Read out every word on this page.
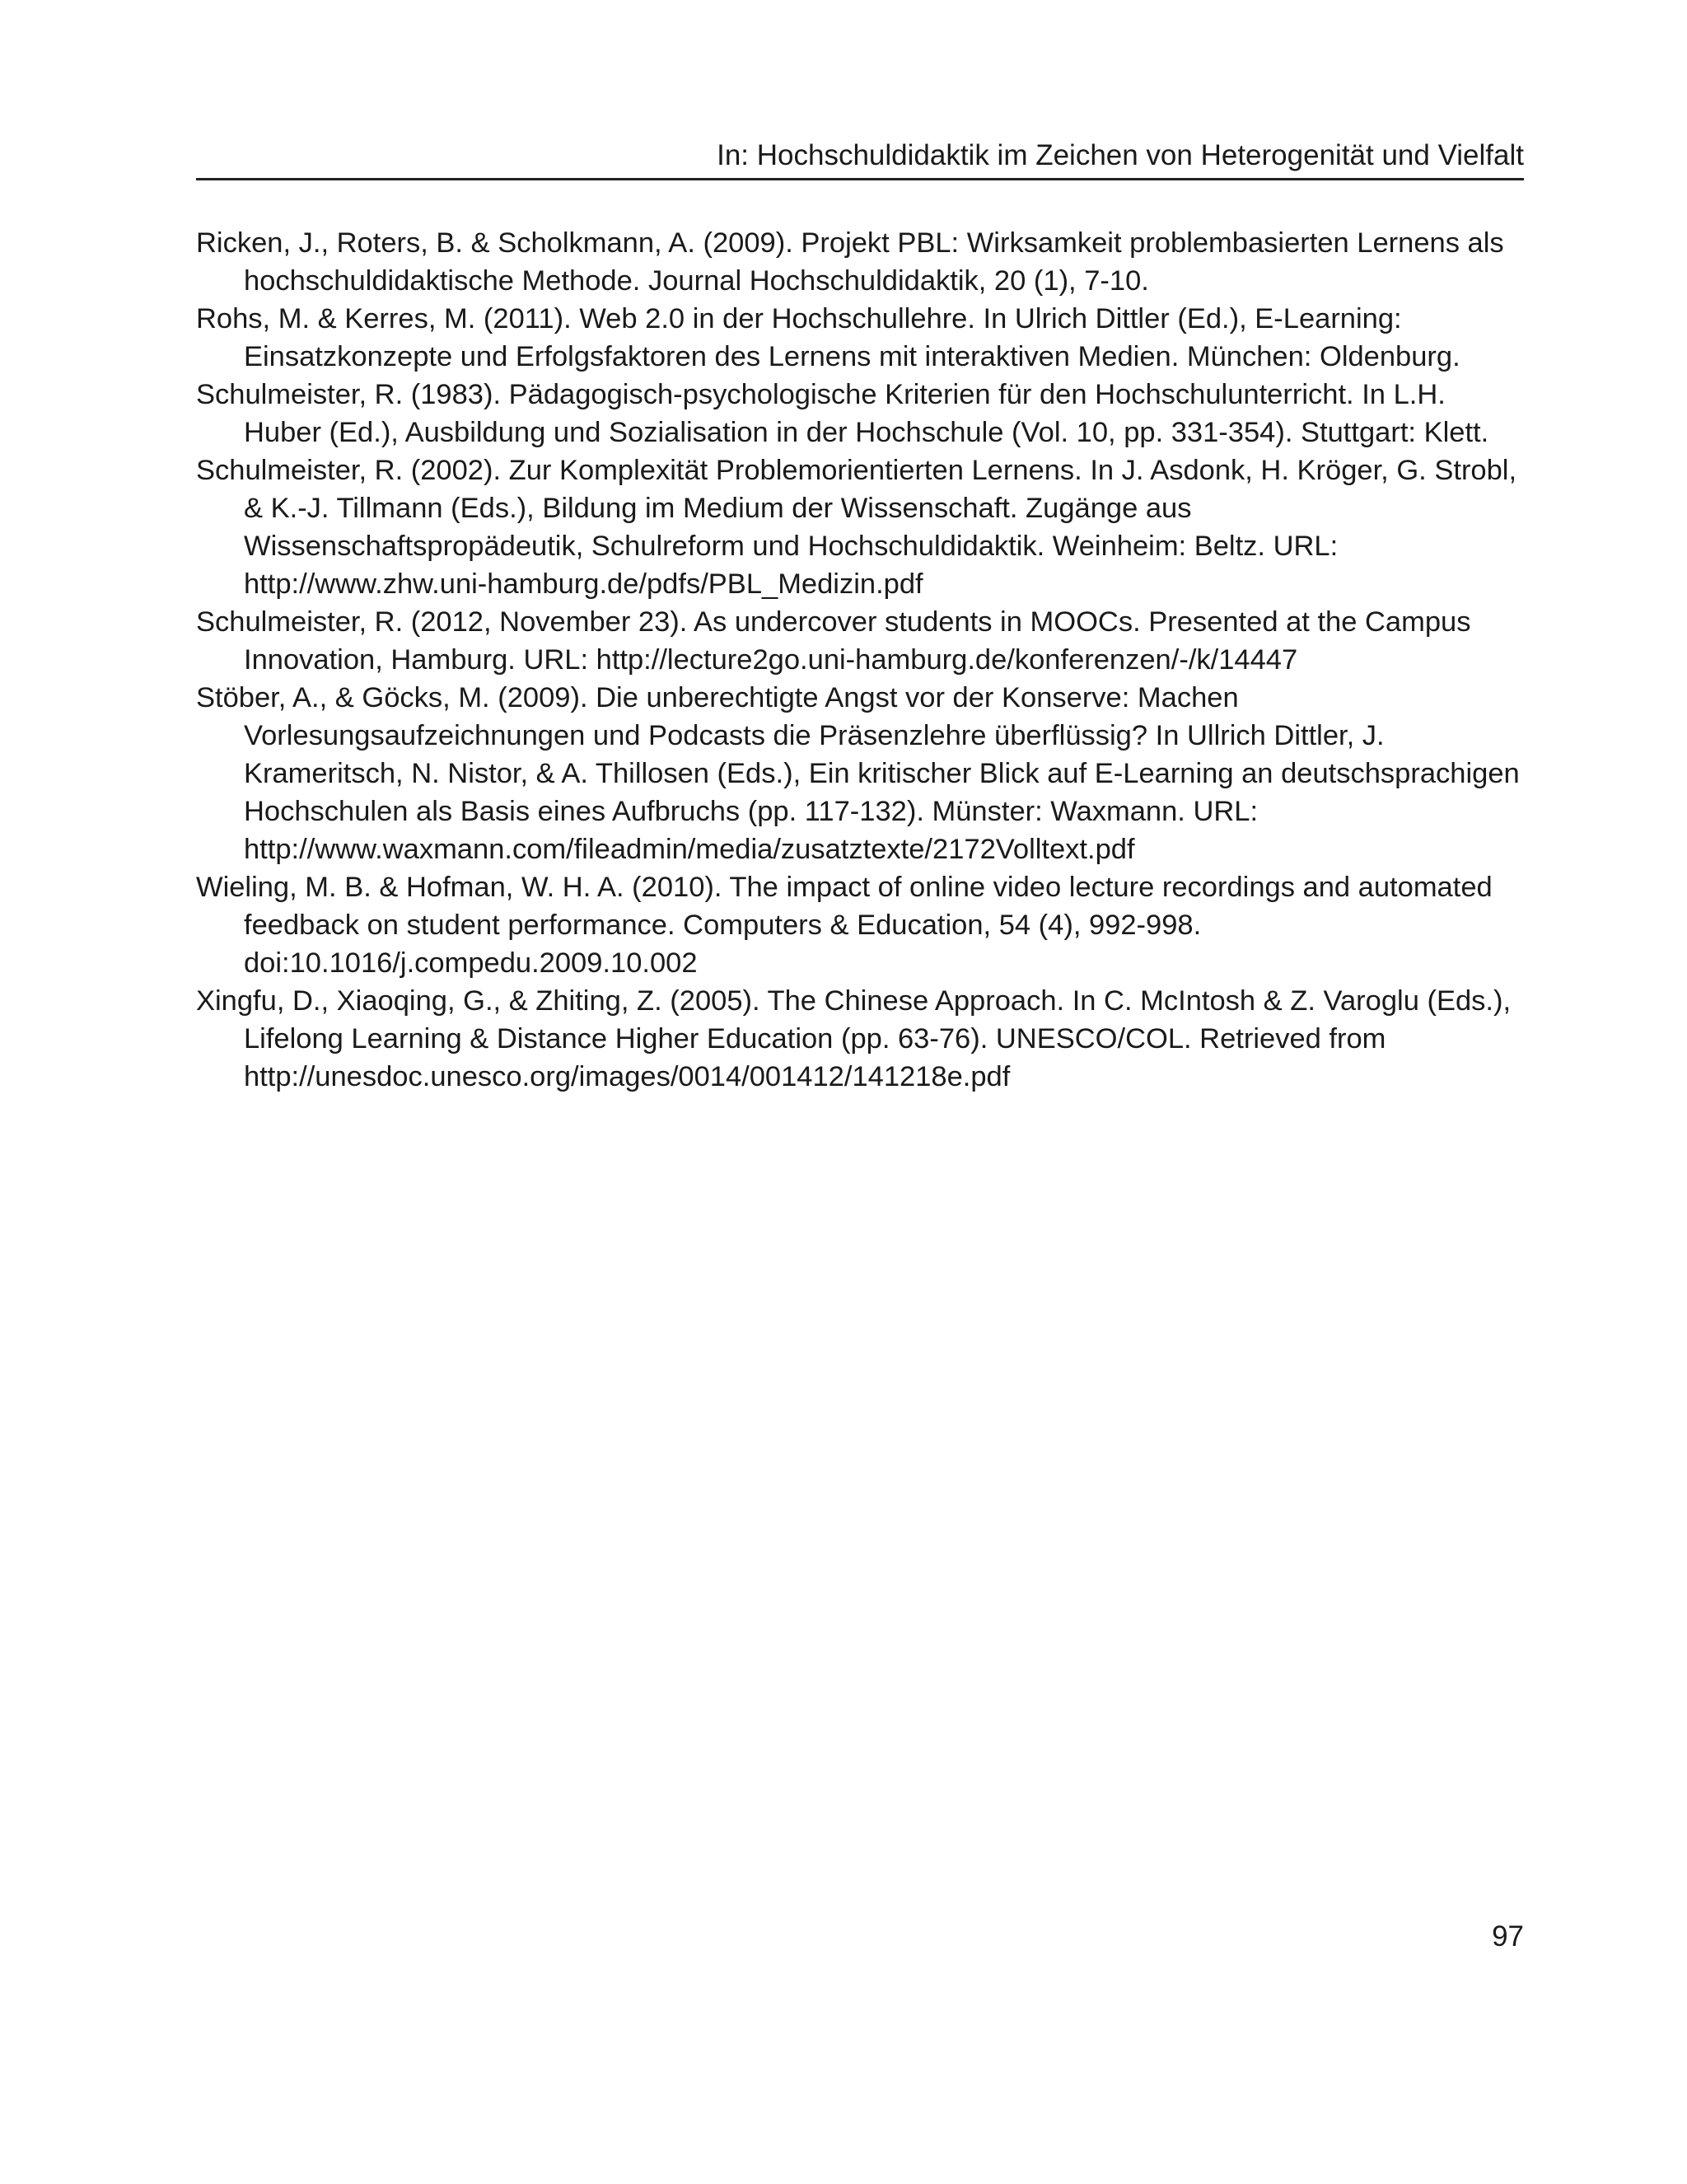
In: Hochschuldidaktik im Zeichen von Heterogenität und Vielfalt
Ricken, J., Roters, B. & Scholkmann, A. (2009). Projekt PBL: Wirksamkeit problembasierten Lernens als hochschuldidaktische Methode. Journal Hochschuldidaktik, 20 (1), 7-10.
Rohs, M. & Kerres, M. (2011). Web 2.0 in der Hochschullehre. In Ulrich Dittler (Ed.), E-Learning: Einsatzkonzepte und Erfolgsfaktoren des Lernens mit interaktiven Medien. München: Oldenburg.
Schulmeister, R. (1983). Pädagogisch-psychologische Kriterien für den Hochschulunterricht. In L.H. Huber (Ed.), Ausbildung und Sozialisation in der Hochschule (Vol. 10, pp. 331-354). Stuttgart: Klett.
Schulmeister, R. (2002). Zur Komplexität Problemorientierten Lernens. In J. Asdonk, H. Kröger, G. Strobl, & K.-J. Tillmann (Eds.), Bildung im Medium der Wissenschaft. Zugänge aus Wissenschaftspropädeutik, Schulreform und Hochschuldidaktik. Weinheim: Beltz. URL: http://www.zhw.uni-hamburg.de/pdfs/PBL_Medizin.pdf
Schulmeister, R. (2012, November 23). As undercover students in MOOCs. Presented at the Campus Innovation, Hamburg. URL: http://lecture2go.uni-hamburg.de/konferenzen/-/k/14447
Stöber, A., & Göcks, M. (2009). Die unberechtigte Angst vor der Konserve: Machen Vorlesungsaufzeichnungen und Podcasts die Präsenzlehre überflüssig? In Ullrich Dittler, J. Krameritsch, N. Nistor, & A. Thillosen (Eds.), Ein kritischer Blick auf E-Learning an deutschsprachigen Hochschulen als Basis eines Aufbruchs (pp. 117-132). Münster: Waxmann. URL: http://www.waxmann.com/fileadmin/media/zusatztexte/2172Volltext.pdf
Wieling, M. B. & Hofman, W. H. A. (2010). The impact of online video lecture recordings and automated feedback on student performance. Computers & Education, 54 (4), 992-998. doi:10.1016/j.compedu.2009.10.002
Xingfu, D., Xiaoqing, G., & Zhiting, Z. (2005). The Chinese Approach. In C. McIntosh & Z. Varoglu (Eds.), Lifelong Learning & Distance Higher Education (pp. 63-76). UNESCO/COL. Retrieved from http://unesdoc.unesco.org/images/0014/001412/141218e.pdf
97
